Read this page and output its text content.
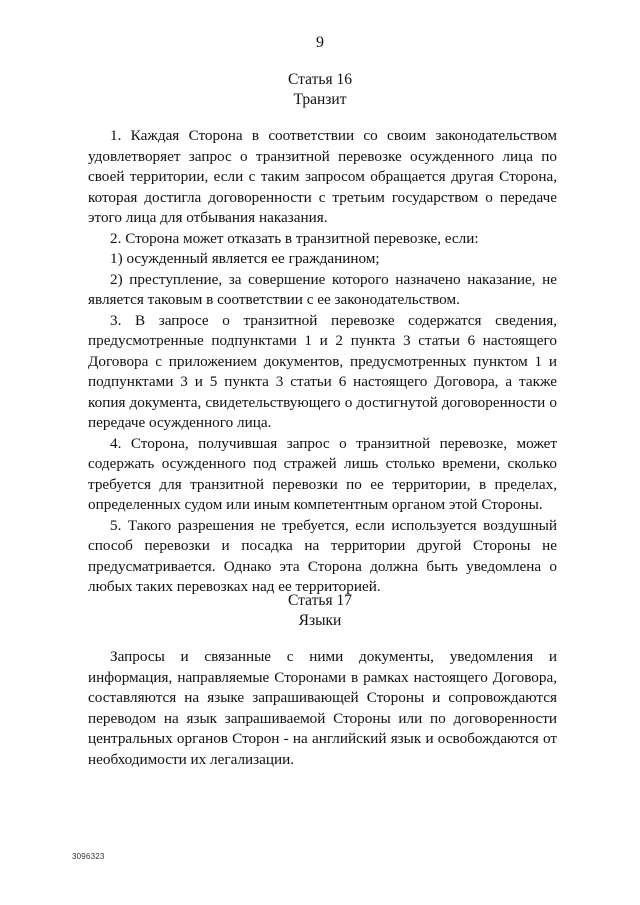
9
Статья 16
Транзит

1. Каждая Сторона в соответствии со своим законодательством удовлетворяет запрос о транзитной перевозке осужденного лица по своей территории, если с таким запросом обращается другая Сторона, которая достигла договоренности с третьим государством о передаче этого лица для отбывания наказания.

2. Сторона может отказать в транзитной перевозке, если:

1) осужденный является ее гражданином;

2) преступление, за совершение которого назначено наказание, не является таковым в соответствии с ее законодательством.

3. В запросе о транзитной перевозке содержатся сведения, предусмотренные подпунктами 1 и 2 пункта 3 статьи 6 настоящего Договора с приложением документов, предусмотренных пунктом 1 и подпунктами 3 и 5 пункта 3 статьи 6 настоящего Договора, а также копия документа, свидетельствующего о достигнутой договоренности о передаче осужденного лица.

4. Сторона, получившая запрос о транзитной перевозке, может содержать осужденного под стражей лишь столько времени, сколько требуется для транзитной перевозки по ее территории, в пределах, определенных судом или иным компетентным органом этой Стороны.

5. Такого разрешения не требуется, если используется воздушный способ перевозки и посадка на территории другой Стороны не предусматривается. Однако эта Сторона должна быть уведомлена о любых таких перевозках над ее территорией.

Статья 17
Языки

Запросы и связанные с ними документы, уведомления и информация, направляемые Сторонами в рамках настоящего Договора, составляются на языке запрашивающей Стороны и сопровождаются переводом на язык запрашиваемой Стороны или по договоренности центральных органов Сторон - на английский язык и освобождаются от необходимости их легализации.

3096323
